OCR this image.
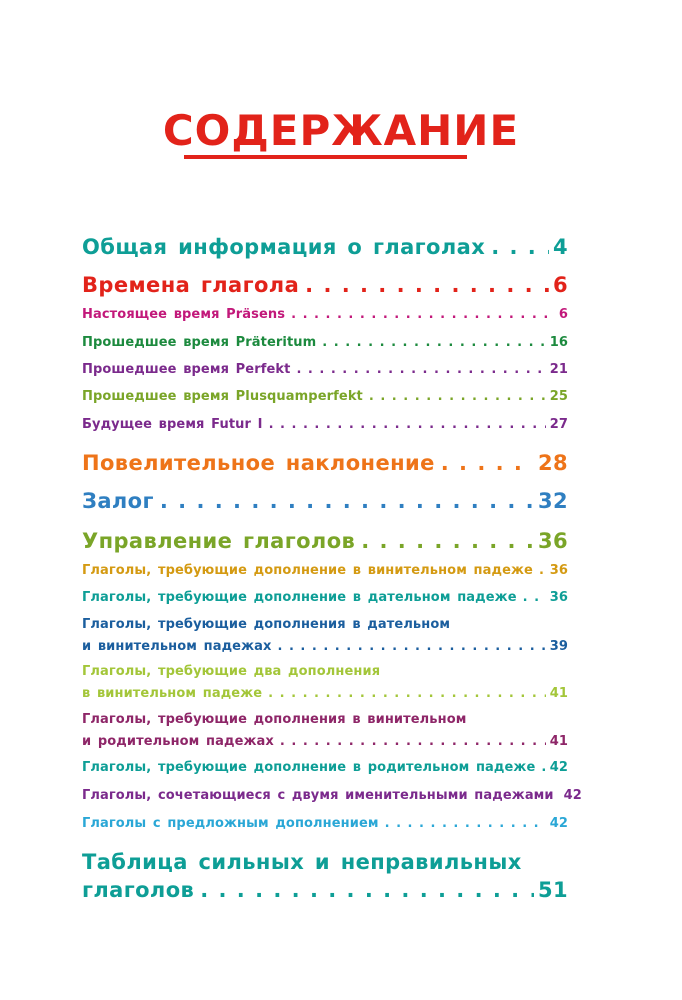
СОДЕРЖАНИЕ
Общая информация о глаголах . . .	4
Времена глагола . . .	6
Настоящее время Präsens . . .	6
Прошедшее время Präteritum . . .	16
Прошедшее время Perfekt . . .	21
Прошедшее время Plusquamperfekt . . .	25
Будущее время Futur I . . .	27
Повелительное наклонение . . .	28
Залог . . .	32
Управление глаголов . . .	36
Глаголы, требующие дополнение в винительном падеже . . . 36
Глаголы, требующие дополнение в дательном падеже . . .	36
Глаголы, требующие дополнения в дательном
и винительном падежах . . .	39
Глаголы, требующие два дополнения
в винительном падеже . . .	41
Глаголы, требующие дополнения в винительном
и родительном падежах . . .	41
Глаголы, требующие дополнение в родительном падеже . . . 42
Глаголы, сочетающиеся с двумя именительными падежами 42
Глаголы с предложным дополнением . . .	42
Таблица сильных и неправильных
глаголов . . .	51
